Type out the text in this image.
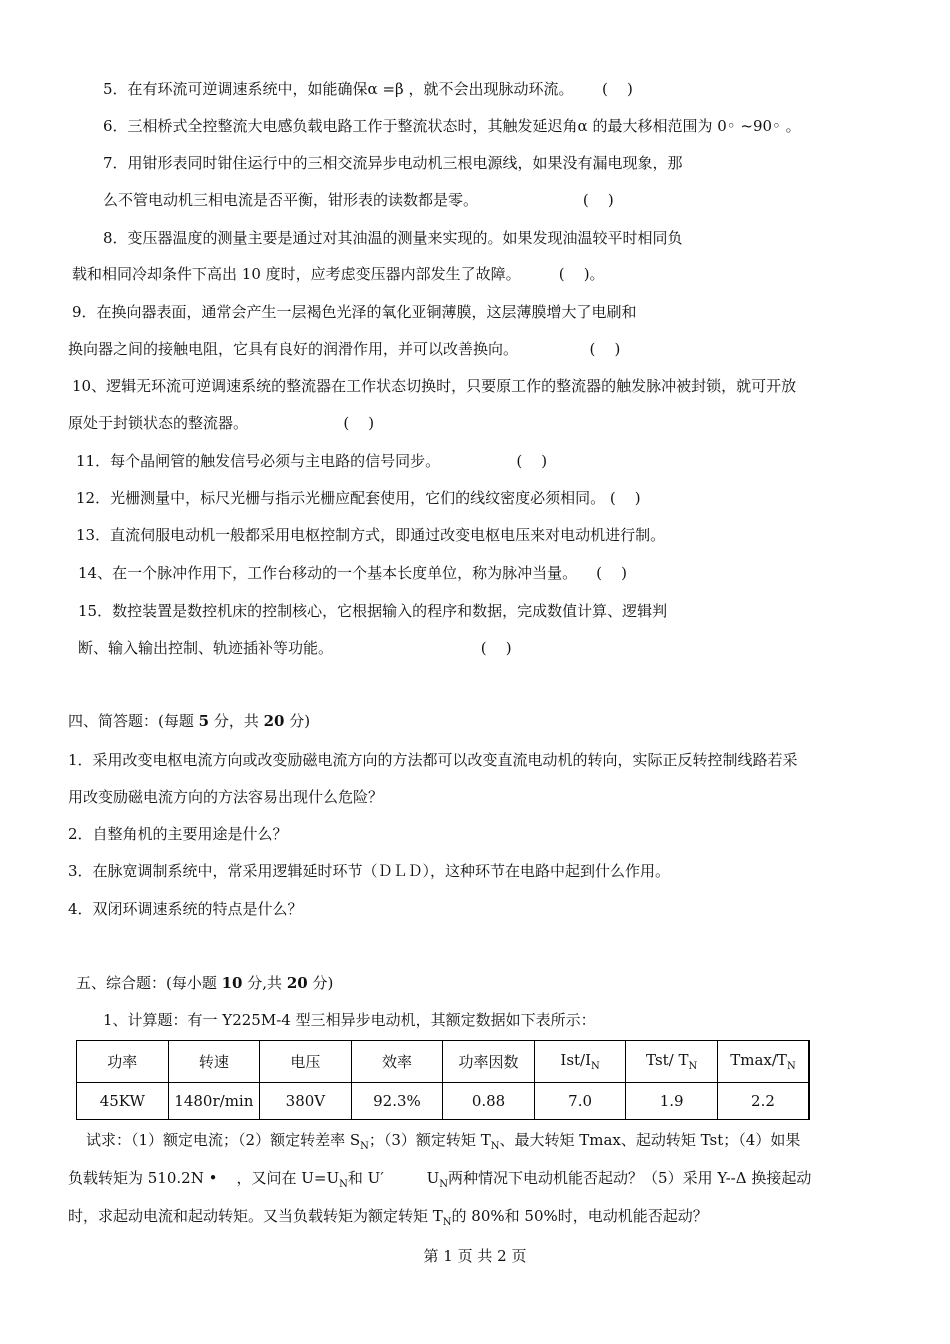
5．在有环流可逆调速系统中，如能确保α =β ，就不会出现脉动环流。      (    )
6．三相桥式全控整流大电感负载电路工作于整流状态时，其触发延迟角α 的最大移相范围为 0◦ ~90◦ 。
7．用钳形表同时钳住运行中的三相交流异步电动机三根电源线，如果没有漏电现象，那
么不管电动机三相电流是否平衡，钳形表的读数都是零。                      (    )
8．变压器温度的测量主要是通过对其油温的测量来实现的。如果发现油温较平时相同负
载和相同冷却条件下高出 10 度时，应考虑变压器内部发生了故障。        (    )。
9．在换向器表面，通常会产生一层褐色光泽的氧化亚铜薄膜，这层薄膜增大了电刷和
换向器之间的接触电阻，它具有良好的润滑作用，并可以改善换向。               (    )
10、逻辑无环流可逆调速系统的整流器在工作状态切换时，只要原工作的整流器的触发脉冲被封锁，就可开放
原处于封锁状态的整流器。                    (    )
11．每个晶闸管的触发信号必须与主电路的信号同步。                (    )
12．光栅测量中，标尺光栅与指示光栅应配套使用，它们的线纹密度必须相同。 (    )
13．直流伺服电动机一般都采用电枢控制方式，即通过改变电枢电压来对电动机进行制。
14、在一个脉冲作用下，工作台移动的一个基本长度单位，称为脉冲当量。    (    )
15．数控装置是数控机床的控制核心，它根据输入的程序和数据，完成数值计算、逻辑判
断、输入输出控制、轨迹插补等功能。                               (    )
四、简答题：(每题 5 分，共 20 分)
1．采用改变电枢电流方向或改变励磁电流方向的方法都可以改变直流电动机的转向，实际正反转控制线路若采
用改变励磁电流方向的方法容易出现什么危险？
2．自整角机的主要用途是什么？
3．在脉宽调制系统中，常采用逻辑延时环节（ＤＬＤ），这种环节在电路中起到什么作用。
4．双闭环调速系统的特点是什么？
五、综合题：(每小题 10 分,共 20 分)
1、计算题：有一 Y225M-4 型三相异步电动机，其额定数据如下表所示：
功率	转速	电压	效率	功率因数	Ist/$I_N$	Tst/ $T_N$	Tmax/$T_N$
45KW	1480r/min	380V	92.3%	0.88	7.0	1.9	2.2
试求：（1）额定电流；（2）额定转差率 $S_N$；（3）额定转矩 $T_N$、最大转矩 Tmax、起动转矩 Tst；（4）如果
负载转矩为 510.2N •    ，又问在 $U=U_N$和 U′         $U_N$两种情况下电动机能否起动？（5）采用 Y--Δ 换接起动
时，求起动电流和起动转矩。又当负载转矩为额定转矩 $T_N$的 80%和 50%时，电动机能否起动？
第 1 页 共 2 页
